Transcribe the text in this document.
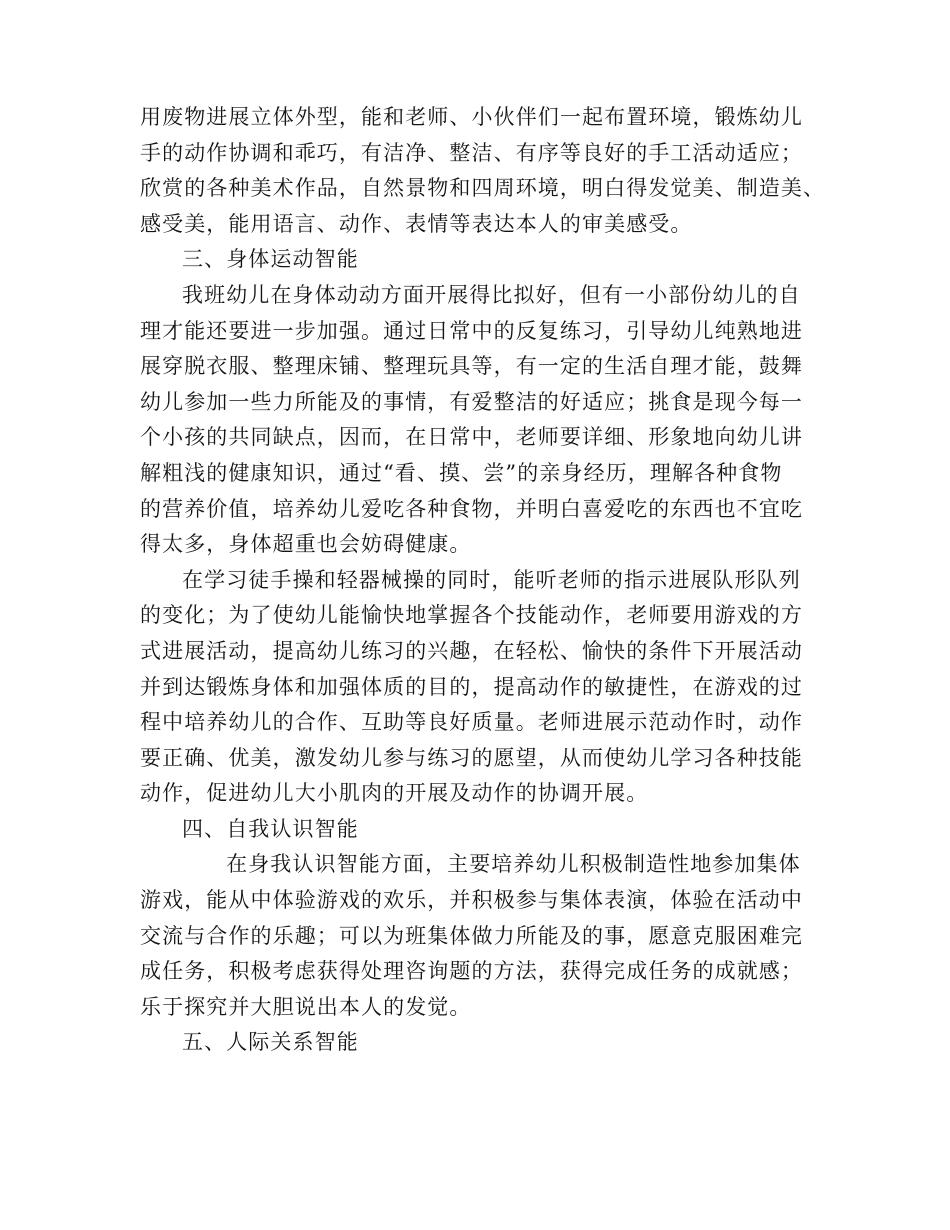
用废物进展立体外型，能和老师、小伙伴们一起布置环境，锻炼幼儿
手的动作协调和乖巧，有洁净、整洁、有序等良好的手工活动适应；
欣赏的各种美术作品，自然景物和四周环境，明白得发觉美、制造美、
感受美，能用语言、动作、表情等表达本人的审美感受。

三、身体运动智能

我班幼儿在身体动动方面开展得比拟好，但有一小部份幼儿的自

理才能还要进一步加强。通过日常中的反复练习，引导幼儿纯熟地进
展穿脱衣服、整理床铺、整理玩具等，有一定的生活自理才能，鼓舞
幼儿参加一些力所能及的事情，有爱整洁的好适应；挑食是现今每一
个小孩的共同缺点，因而，在日常中，老师要详细、形象地向幼儿讲
解粗浅的健康知识，通过“看、摸、尝”的亲身经历，理解各种食物
的营养价值，培养幼儿爱吃各种食物，并明白喜爱吃的东西也不宜吃
得太多，身体超重也会妨碍健康。

在学习徒手操和轻器械操的同时，能听老师的指示进展队形队列

的变化；为了使幼儿能愉快地掌握各个技能动作，老师要用游戏的方
式进展活动，提高幼儿练习的兴趣，在轻松、愉快的条件下开展活动
并到达锻炼身体和加强体质的目的，提高动作的敏捷性，在游戏的过
程中培养幼儿的合作、互助等良好质量。老师进展示范动作时，动作
要正确、优美，激发幼儿参与练习的愿望，从而使幼儿学习各种技能
动作，促进幼儿大小肌肉的开展及动作的协调开展。

四、自我认识智能

在身我认识智能方面，主要培养幼儿积极制造性地参加集体

游戏，能从中体验游戏的欢乐，并积极参与集体表演，体验在活动中
交流与合作的乐趣；可以为班集体做力所能及的事，愿意克服困难完
成任务，积极考虑获得处理咨询题的方法，获得完成任务的成就感；
乐于探究并大胆说出本人的发觉。

五、人际关系智能
